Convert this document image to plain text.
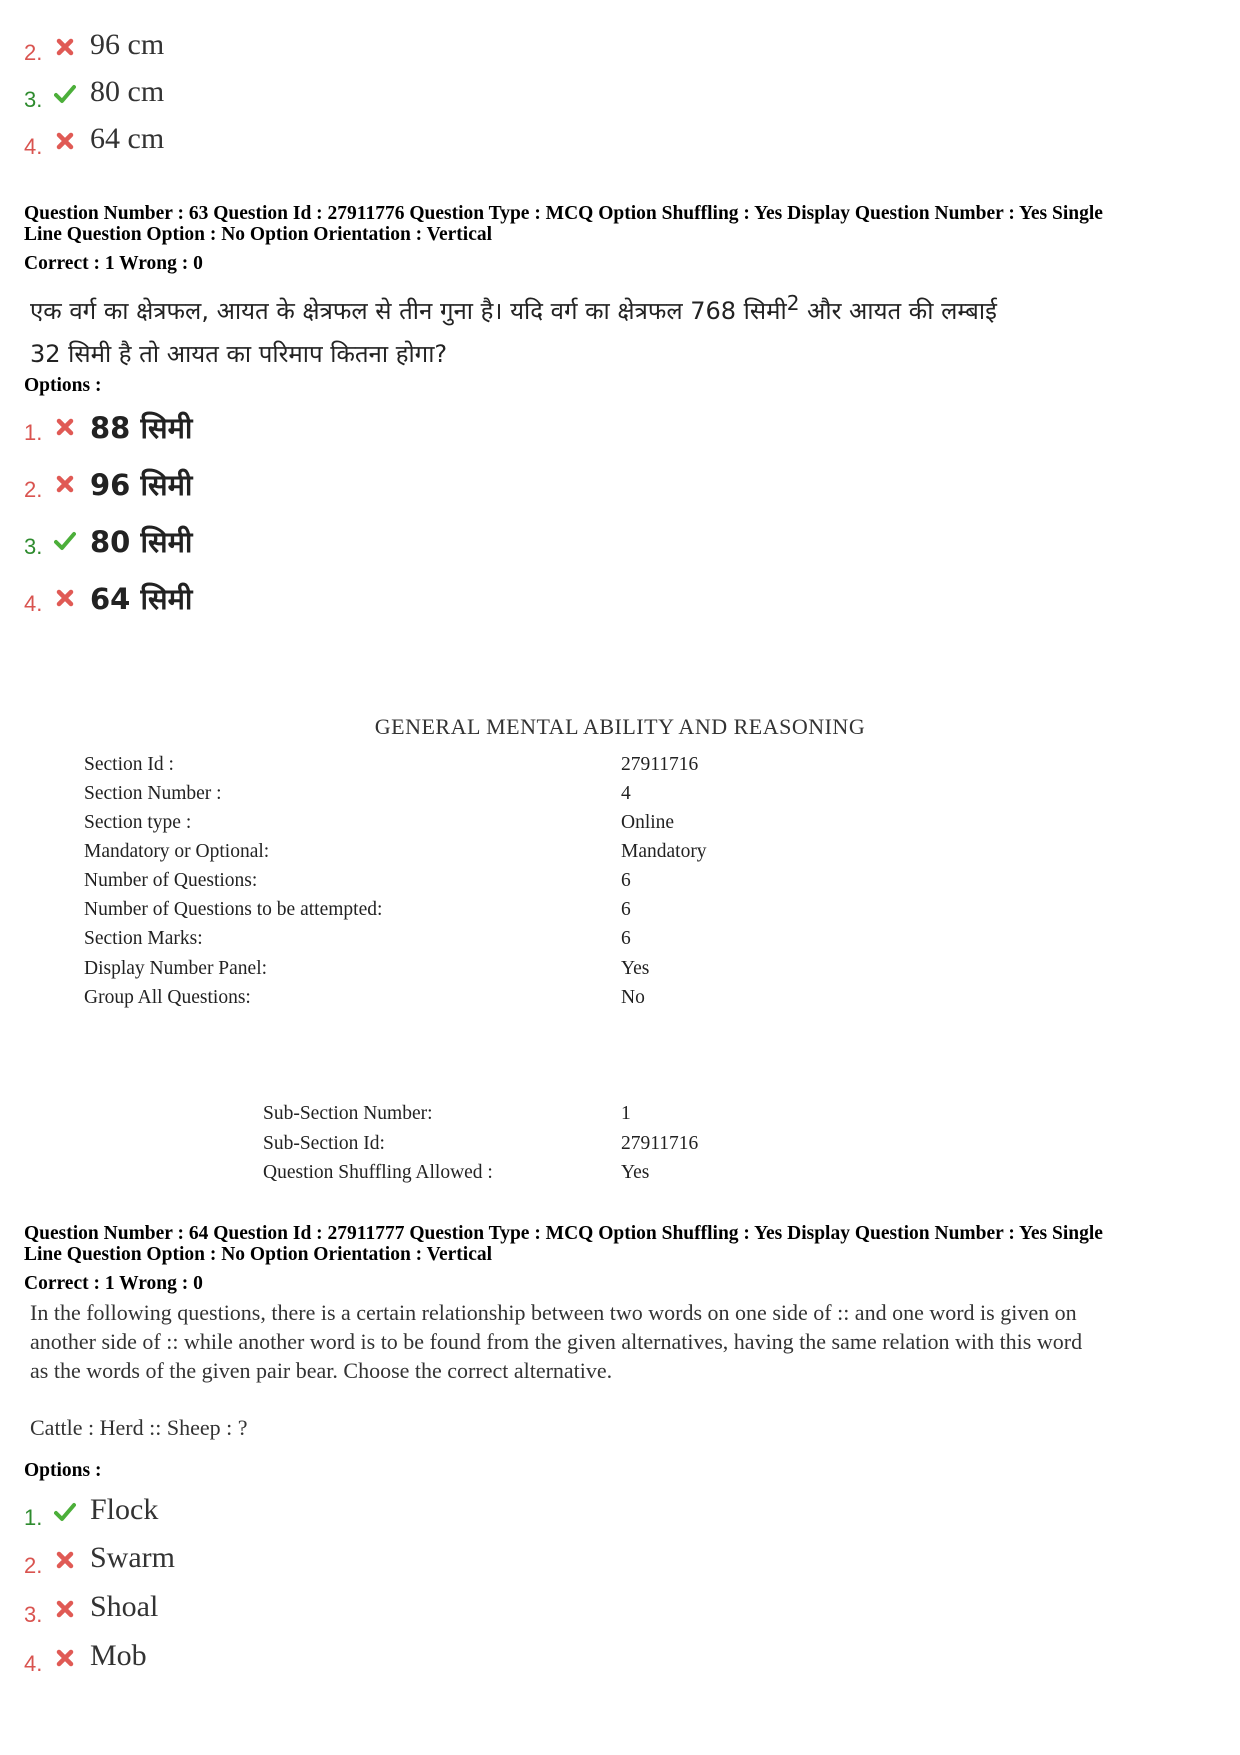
2. 96 cm
3. 80 cm
4. 64 cm
Question Number : 63 Question Id : 27911776 Question Type : MCQ Option Shuffling : Yes Display Question Number : Yes Single
Line Question Option : No Option Orientation : Vertical
Correct : 1 Wrong : 0
एक वर्ग का क्षेत्रफल, आयत के क्षेत्रफल से तीन गुना है। यदि वर्ग का क्षेत्रफल 768 सिमी$^2$ और आयत की लम्बाई
32 सिमी है तो आयत का परिमाप कितना होगा?
Options :
1. 88 सिमी
2. 96 सिमी
3. 80 सिमी
4. 64 सिमी
GENERAL MENTAL ABILITY AND REASONING
Section Id :	27911716
Section Number :	4
Section type :	Online
Mandatory or Optional:	Mandatory
Number of Questions:	6
Number of Questions to be attempted:	6
Section Marks:	6
Display Number Panel:	Yes
Group All Questions:	No
Sub-Section Number:	1
Sub-Section Id:	27911716
Question Shuffling Allowed :	Yes
Question Number : 64 Question Id : 27911777 Question Type : MCQ Option Shuffling : Yes Display Question Number : Yes Single
Line Question Option : No Option Orientation : Vertical
Correct : 1 Wrong : 0
In the following questions, there is a certain relationship between two words on one side of :: and one word is given on
another side of :: while another word is to be found from the given alternatives, having the same relation with this word
as the words of the given pair bear. Choose the correct alternative.
Cattle : Herd :: Sheep : ?
Options :
1. Flock
2. Swarm
3. Shoal
4. Mob
